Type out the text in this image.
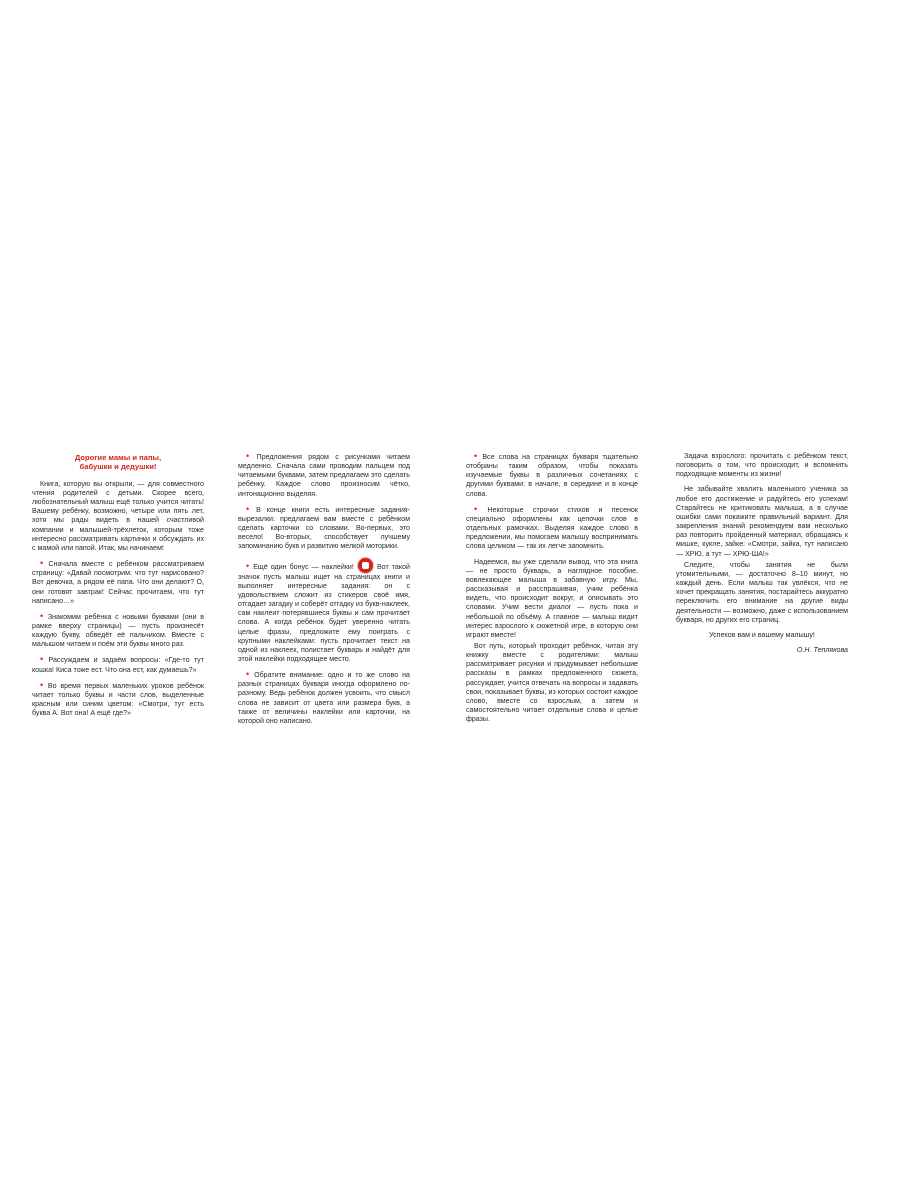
Дорогие мамы и папы,
бабушки и дедушки!

Книга, которую вы открыли, — для совместного чтения родителей с детьми. Скорее всего, любознательный малыш ещё только учится читать! Вашему ребёнку, возможно, четыре или пять лет, хотя мы рады видеть в нашей счастливой компании и малышей-трёхлеток, которым тоже интересно рассматривать картинки и обсуждать их с мамой или папой. Итак, мы начинаем!

• Сначала вместе с ребёнком рассматриваем страницу: «Давай посмотрим: что тут нарисовано? Вот девочка, а рядом её папа. Что они делают? О, они готовят завтрак! Сейчас прочитаем, что тут написано…»

• Знакомим ребёнка с новыми буквами (они в рамке вверху страницы) — пусть произнесёт каждую букву, обведёт её пальчиком. Вместе с малышом читаем и поём эти буквы много раз.

• Рассуждаем и задаём вопросы: «Где-то тут кошка! Киса тоже ест. Что она ест, как думаешь?»

• Во время первых маленьких уроков ребёнок читает только буквы и части слов, выделенные красным или синим цветом: «Смотри, тут есть буква А. Вот она! А ещё где?»

• Предложения рядом с рисунками читаем медленно. Сначала сами проводим пальцем под читаемыми буквами, затем предлагаем это сделать ребёнку. Каждое слово произносим чётко, интонационно выделяя.

• В конце книги есть интересные задания-вырезалки: предлагаем вам вместе с ребёнком сделать карточки со словами. Во-первых, это весело! Во-вторых, способствует лучшему запоминанию букв и развитию мелкой моторики.

• Ещё один бонус — наклейки!	Вот такой значок пусть малыш ищет на страницах книги и выполняет интересные задания: он с удовольствием сложит из стикеров своё имя, отгадает загадку и соберёт отгадку из букв-наклеек, сам наклеит потерявшиеся буквы и сам прочитает слова. А когда ребёнок будет уверенно читать целые фразы, предложите ему поиграть с крупными наклейками: пусть прочитает текст на одной из наклеек, полистает букварь и найдёт для этой наклейки подходящее место.

• Обратите внимание: одно и то же слово на разных страницах букваря иногда оформлено по-разному. Ведь ребёнок должен усвоить, что смысл слова не зависит от цвета или размера букв, а также от величины наклейки или карточки, на которой оно написано.

• Все слова на страницах букваря тщательно отобраны таким образом, чтобы показать изучаемые буквы в различных сочетаниях с другими буквами: в начале, в середине и в конце слова.

• Некоторые строчки стихов и песенок специально оформлены как цепочки слов в отдельных рамочках. Выделяя каждое слово в предложении, мы помогаем малышу воспринимать слова целиком — так их легче запомнить.

Надеемся, вы уже сделали вывод, что эта книга — не просто букварь, а наглядное пособие, вовлекающее малыша в забавную игру. Мы, рассказывая и расспрашивая, учим ребёнка видеть, что происходит вокруг, и описывать это словами. Учим вести диалог — пусть пока и небольшой по объёму. А главное — малыш видит интерес взрослого к сюжетной игре, в которую они играют вместе!

Вот путь, который проходит ребёнок, читая эту книжку вместе с родителями: малыш рассматривает рисунки и придумывает небольшие рассказы в рамках предложенного сюжета, рассуждает, учится отвечать на вопросы и задавать свои, показывает буквы, из которых состоит каждое слово, вместе со взрослым, а затем и самостоятельно читает отдельные слова и целые фразы.

Задача взрослого: прочитать с ребёнком текст, поговорить о том, что происходит, и вспомнить подходящие моменты из жизни!

Не забывайте хвалить маленького ученика за любое его достижение и радуйтесь его успехам! Старайтесь не критиковать малыша, а в случае ошибки сами покажите правильный вариант. Для закрепления знаний рекомендуем вам несколько раз повторить пройденный материал, обращаясь к мишке, кукле, зайке: «Смотри, зайка, тут написано — ХРЮ, а тут — ХРЮ-ША!»

Следите, чтобы занятия не были утомительными, — достаточно 8–10 минут, но каждый день. Если малыш так увлёкся, что не хочет прекращать занятия, постарайтесь аккуратно переключить его внимание на другие виды деятельности — возможно, даже с использованием букваря, но других его страниц.

Успехов вам и вашему малышу!

О.Н. Теплякова
